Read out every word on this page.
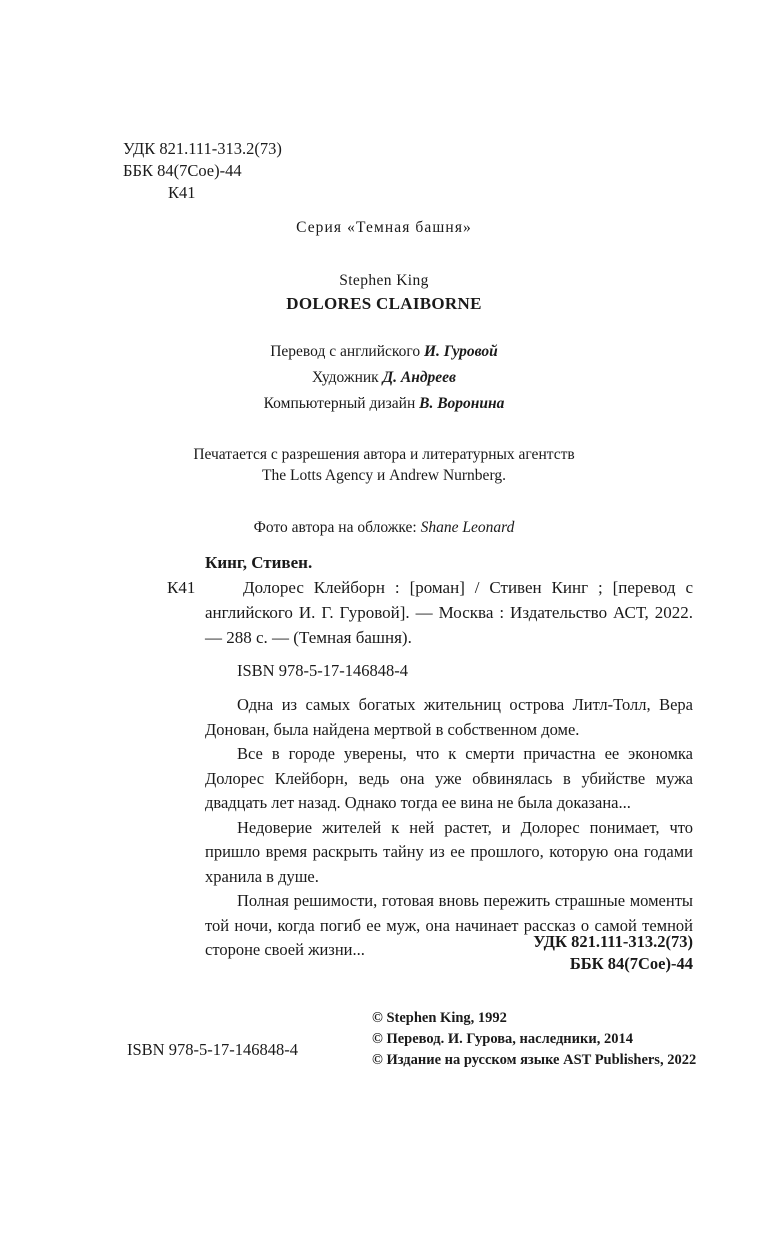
УДК 821.111-313.2(73)
ББК 84(7Сое)-44
К41

Серия «Темная башня»

Stephen King

DOLORES CLAIBORNE

Перевод с английского И. Гуровой

Художник Д. Андреев

Компьютерный дизайн В. Воронина

Печатается с разрешения автора и литературных агентств

The Lotts Agency и Andrew Nurnberg.

Фото автора на обложке: Shane Leonard

Кинг, Стивен.

К41	Долорес Клейборн : [роман] / Стивен Кинг ; [перевод с английского И. Г. Гуровой]. — Москва : Издательство АСТ, 2022. — 288 с. — (Темная башня).
ISBN 978-5-17-146848-4

Одна из самых богатых жительниц острова Литл-Толл, Вера Донован, была найдена мертвой в собственном доме.

Все в городе уверены, что к смерти причастна ее экономка Долорес Клейборн, ведь она уже обвинялась в убийстве мужа двадцать лет назад. Однако тогда ее вина не была доказана...

Недоверие жителей к ней растет, и Долорес понимает, что пришло время раскрыть тайну из ее прошлого, которую она годами хранила в душе.

Полная решимости, готовая вновь пережить страшные моменты той ночи, когда погиб ее муж, она начинает рассказ о самой темной стороне своей жизни...	УДК 821.111-313.2(73)
ББК 84(7Сое)-44
© Stephen King, 1992
© Перевод. И. Гурова, наследники, 2014
© Издание на русском языке AST Publishers, 2022
ISBN 978-5-17-146848-4
